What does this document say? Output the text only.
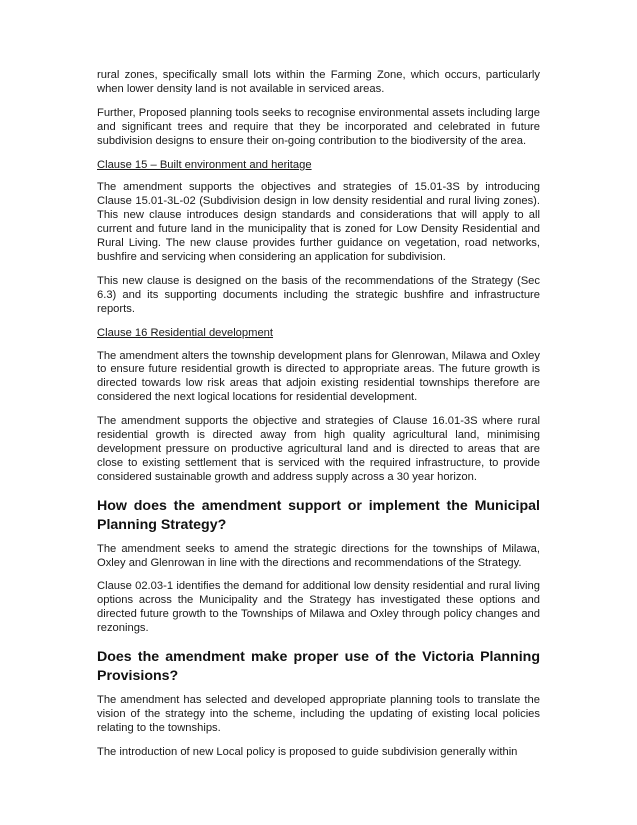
rural zones, specifically small lots within the Farming Zone, which occurs, particularly when lower density land is not available in serviced areas.

Further, Proposed planning tools seeks to recognise environmental assets including large and significant trees and require that they be incorporated and celebrated in future subdivision designs to ensure their on-going contribution to the biodiversity of the area.

Clause 15 – Built environment and heritage

The amendment supports the objectives and strategies of 15.01-3S by introducing Clause 15.01-3L-02 (Subdivision design in low density residential and rural living zones). This new clause introduces design standards and considerations that will apply to all current and future land in the municipality that is zoned for Low Density Residential and Rural Living. The new clause provides further guidance on vegetation, road networks, bushfire and servicing when considering an application for subdivision.

This new clause is designed on the basis of the recommendations of the Strategy (Sec 6.3) and its supporting documents including the strategic bushfire and infrastructure reports.

Clause 16 Residential development

The amendment alters the township development plans for Glenrowan, Milawa and Oxley to ensure future residential growth is directed to appropriate areas. The future growth is directed towards low risk areas that adjoin existing residential townships therefore are considered the next logical locations for residential development.

The amendment supports the objective and strategies of Clause 16.01-3S where rural residential growth is directed away from high quality agricultural land, minimising development pressure on productive agricultural land and is directed to areas that are close to existing settlement that is serviced with the required infrastructure, to provide considered sustainable growth and address supply across a 30 year horizon.

How does the amendment support or implement the Municipal Planning Strategy?

The amendment seeks to amend the strategic directions for the townships of Milawa, Oxley and Glenrowan in line with the directions and recommendations of the Strategy.

Clause 02.03-1 identifies the demand for additional low density residential and rural living options across the Municipality and the Strategy has investigated these options and directed future growth to the Townships of Milawa and Oxley through policy changes and rezonings.

Does the amendment make proper use of the Victoria Planning Provisions?

The amendment has selected and developed appropriate planning tools to translate the vision of the strategy into the scheme, including the updating of existing local policies relating to the townships.

The introduction of new Local policy is proposed to guide subdivision generally within
